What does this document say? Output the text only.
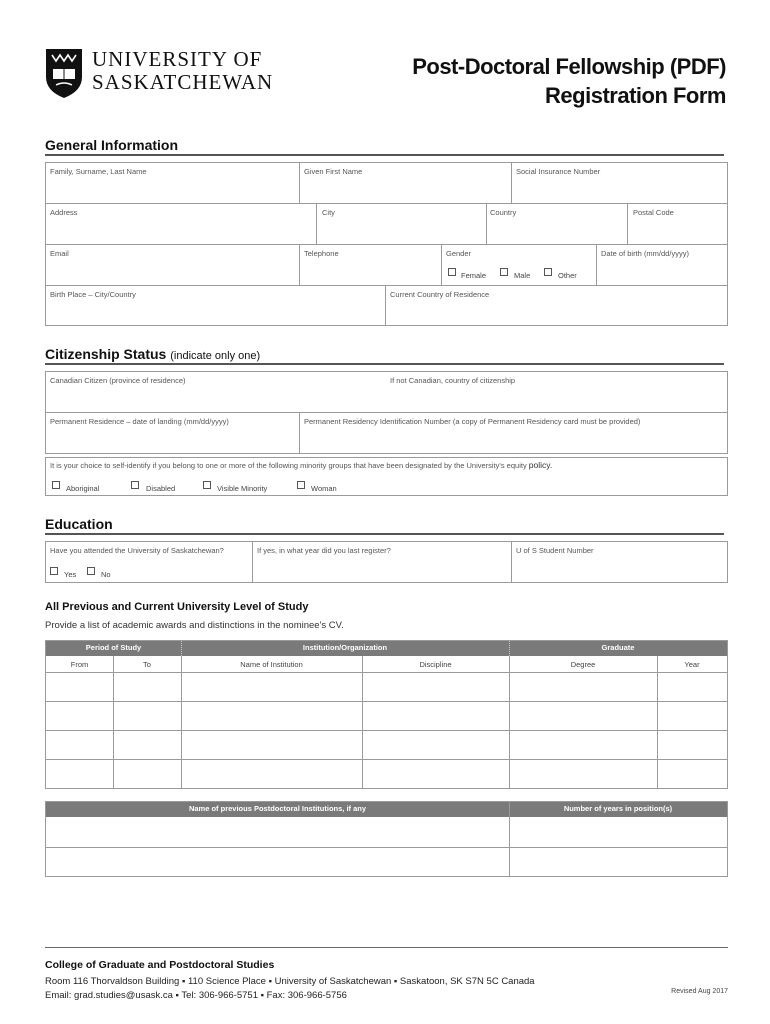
UNIVERSITY OF
SASKATCHEWAN
Post-Doctoral Fellowship (PDF)
Registration Form
General Information
Family, Surname, Last Name	Given First Name	Social Insurance Number
Address	City	Country	Postal Code
Email	Telephone	Gender	Date of birth (mm/dd/yyyy)
Female	Male	Other
Birth Place – City/Country	Current Country of Residence
Citizenship Status (indicate only one)
Canadian Citizen (province of residence)	If not Canadian, country of citizenship
Permanent Residence – date of landing (mm/dd/yyyy)	Permanent Residency Identification Number (a copy of Permanent Residency card must be provided)
It is your choice to self-identify if you belong to one or more of the following minority groups that have been designated by the University's equity policy.
Aboriginal	Disabled	Visible Minority	Woman
Education
Have you attended the University of Saskatchewan?	If yes, in what year did you last register?	U of S Student Number
Yes	No
All Previous and Current University Level of Study
Provide a list of academic awards and distinctions in the nominee's CV.
Period of Study	Institution/Organization	Graduate
From	To	Name of Institution	Discipline	Degree	Year
Name of previous Postdoctoral Institutions, if any	Number of years in position(s)
College of Graduate and Postdoctoral Studies
Room 116 Thorvaldson Building ▪ 110 Science Place ▪ University of Saskatchewan ▪ Saskatoon, SK S7N 5C Canada
Email: grad.studies@usask.ca ▪ Tel: 306-966-5751 ▪ Fax: 306-966-5756	Revised Aug 2017
